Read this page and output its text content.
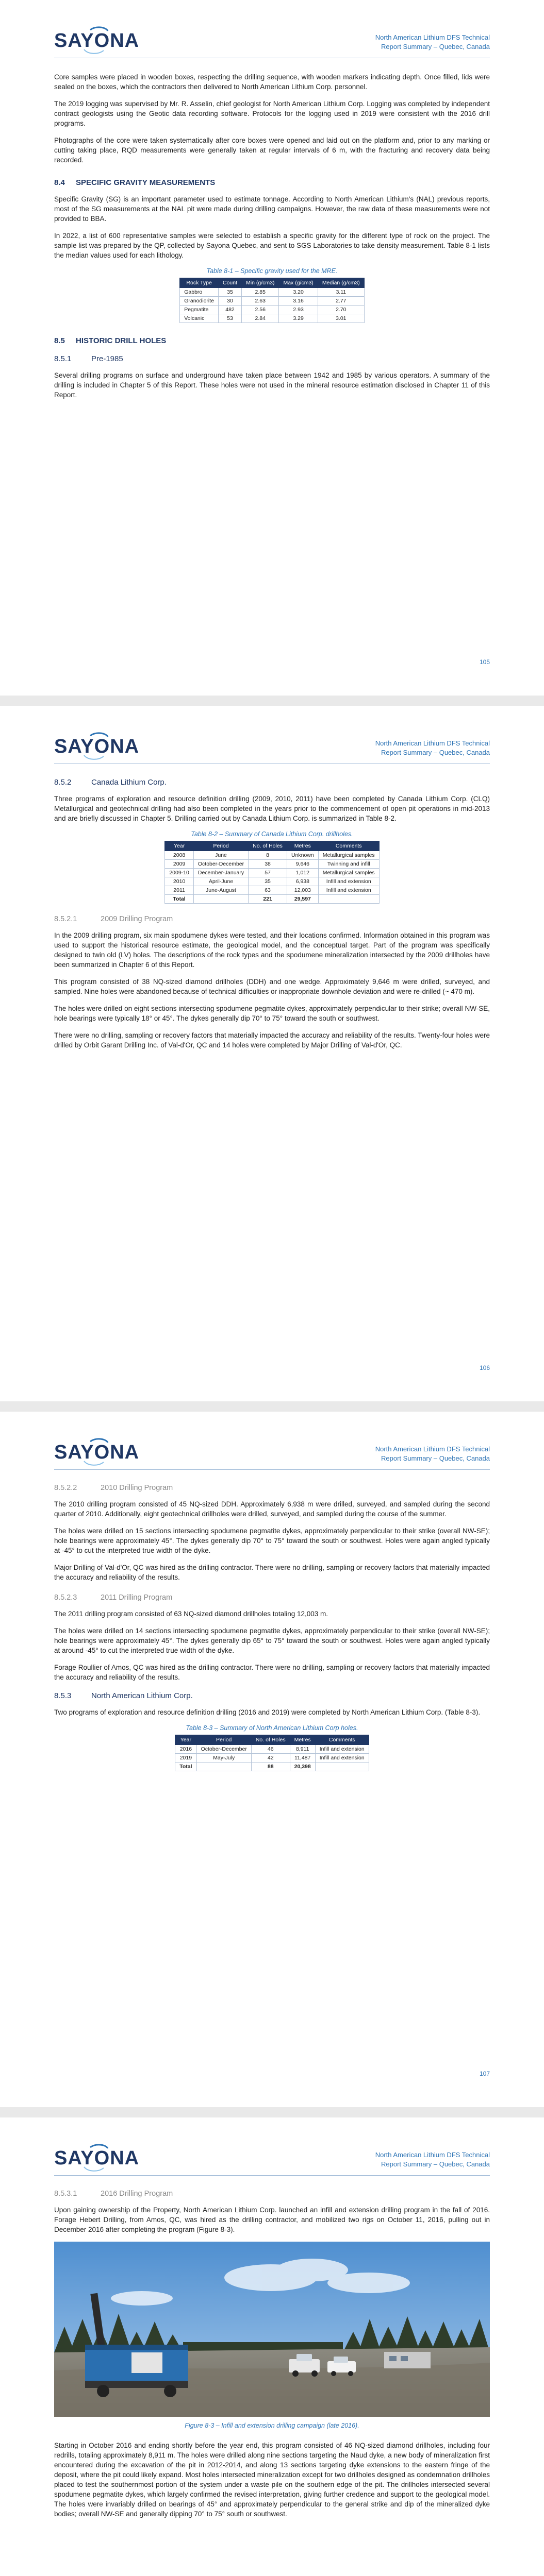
SAYONA	North American Lithium DFS Technical
Report Summary – Quebec, Canada

Core samples were placed in wooden boxes, respecting the drilling sequence, with wooden markers indicating depth. Once filled, lids were sealed on the boxes, which the contractors then delivered to North American Lithium Corp. personnel.

The 2019 logging was supervised by Mr. R. Asselin, chief geologist for North American Lithium Corp. Logging was completed by independent contract geologists using the Geotic data recording software. Protocols for the logging used in 2019 were consistent with the 2016 drill programs.

Photographs of the core were taken systematically after core boxes were opened and laid out on the platform and, prior to any marking or cutting taking place, RQD measurements were generally taken at regular intervals of 6 m, with the fracturing and recovery data being recorded.

8.4 SPECIFIC GRAVITY MEASUREMENTS

Specific Gravity (SG) is an important parameter used to estimate tonnage. According to North American Lithium's (NAL) previous reports, most of the SG measurements at the NAL pit were made during drilling campaigns. However, the raw data of these measurements were not provided to BBA.

In 2022, a list of 600 representative samples were selected to establish a specific gravity for the different type of rock on the project. The sample list was prepared by the QP, collected by Sayona Quebec, and sent to SGS Laboratories to take density measurement. Table 8-1 lists the median values used for each lithology.

Table 8-1 – Specific gravity used for the MRE.
Rock Type	Count	Min (g/cm3)	Max (g/cm3)	Median (g/cm3)
Gabbro	35	2.85	3.20	3.11
Granodiorite	30	2.63	3.16	2.77
Pegmatite	482	2.56	2.93	2.70
Volcanic	53	2.84	3.29	3.01
8.5 HISTORIC DRILL HOLES
8.5.1	Pre-1985

Several drilling programs on surface and underground have taken place between 1942 and 1985 by various operators. A summary of the drilling is included in Chapter 5 of this Report. These holes were not used in the mineral resource estimation disclosed in Chapter 11 of this Report.

105
SAYONA	North American Lithium DFS Technical
Report Summary – Quebec, Canada
8.5.2	Canada Lithium Corp.

Three programs of exploration and resource definition drilling (2009, 2010, 2011) have been completed by Canada Lithium Corp. (CLQ) Metallurgical and geotechnical drilling had also been completed in the years prior to the commencement of open pit operations in mid-2013 and are briefly discussed in Chapter 5. Drilling carried out by Canada Lithium Corp. is summarized in Table 8-2.

Table 8-2 – Summary of Canada Lithium Corp. drillholes.
Year	Period	No. of Holes	Metres	Comments
2008	June	8	Unknown	Metallurgical samples
2009	October-December	38	9,646	Twinning and infill
2009-10	December-January	57	1,012	Metallurgical samples
2010	April-June	35	6,938	Infill and extension
2011	June-August	63	12,003	Infill and extension
Total		221	29,597	
8.5.2.1	2009 Drilling Program

In the 2009 drilling program, six main spodumene dykes were tested, and their locations confirmed. Information obtained in this program was used to support the historical resource estimate, the geological model, and the conceptual target. Part of the program was specifically designed to twin old (LV) holes. The descriptions of the rock types and the spodumene mineralization intersected by the 2009 drillholes have been summarized in Chapter 6 of this Report.

This program consisted of 38 NQ-sized diamond drillholes (DDH) and one wedge. Approximately 9,646 m were drilled, surveyed, and sampled. Nine holes were abandoned because of technical difficulties or inappropriate downhole deviation and were re-drilled (~ 470 m).

The holes were drilled on eight sections intersecting spodumene pegmatite dykes, approximately perpendicular to their strike; overall NW-SE, hole bearings were typically 18° or 45°. The dykes generally dip 70° to 75° toward the south or southwest.

There were no drilling, sampling or recovery factors that materially impacted the accuracy and reliability of the results. Twenty-four holes were drilled by Orbit Garant Drilling Inc. of Val-d'Or, QC and 14 holes were completed by Major Drilling of Val-d'Or, QC.

106
SAYONA	North American Lithium DFS Technical
Report Summary – Quebec, Canada
8.5.2.2	2010 Drilling Program

The 2010 drilling program consisted of 45 NQ-sized DDH. Approximately 6,938 m were drilled, surveyed, and sampled during the second quarter of 2010. Additionally, eight geotechnical drillholes were drilled, surveyed, and sampled during the course of the summer.

The holes were drilled on 15 sections intersecting spodumene pegmatite dykes, approximately perpendicular to their strike (overall NW-SE); hole bearings were approximately 45°. The dykes generally dip 70° to 75° toward the south or southwest. Holes were again angled typically at -45° to cut the interpreted true width of the dyke.

Major Drilling of Val-d'Or, QC was hired as the drilling contractor. There were no drilling, sampling or recovery factors that materially impacted the accuracy and reliability of the results.

8.5.2.3	2011 Drilling Program

The 2011 drilling program consisted of 63 NQ-sized diamond drillholes totaling 12,003 m.

The holes were drilled on 14 sections intersecting spodumene pegmatite dykes, approximately perpendicular to their strike (overall NW-SE); hole bearings were approximately 45°. The dykes generally dip 65° to 75° toward the south or southwest. Holes were again angled typically at around -45° to cut the interpreted true width of the dyke.

Forage Roullier of Amos, QC was hired as the drilling contractor. There were no drilling, sampling or recovery factors that materially impacted the accuracy and reliability of the results.

8.5.3	North American Lithium Corp.

Two programs of exploration and resource definition drilling (2016 and 2019) were completed by North American Lithium Corp. (Table 8-3).

Table 8-3 – Summary of North American Lithium Corp holes.
Year	Period	No. of Holes	Metres	Comments
2016	October-December	46	8,911	Infill and extension
2019	May-July	42	11,487	Infill and extension
Total		88	20,398	
107
SAYONA	North American Lithium DFS Technical
Report Summary – Quebec, Canada
8.5.3.1	2016 Drilling Program

Upon gaining ownership of the Property, North American Lithium Corp. launched an infill and extension drilling program in the fall of 2016. Forage Hebert Drilling, from Amos, QC, was hired as the drilling contractor, and mobilized two rigs on October 11, 2016, pulling out in December 2016 after completing the program (Figure 8-3).

Figure 8-3 – Infill and extension drilling campaign (late 2016).

Starting in October 2016 and ending shortly before the year end, this program consisted of 46 NQ-sized diamond drillholes, including four redrills, totaling approximately 8,911 m. The holes were drilled along nine sections targeting the Naud dyke, a new body of mineralization first encountered during the excavation of the pit in 2012-2014, and along 13 sections targeting dyke extensions to the eastern fringe of the deposit, where the pit could likely expand. Most holes intersected mineralization except for two drillholes designed as condemnation drillholes placed to test the southernmost portion of the system under a waste pile on the southern edge of the pit. The drillholes intersected several spodumene pegmatite dykes, which largely confirmed the revised interpretation, giving further credence and support to the geological model. The holes were invariably drilled on bearings of 45° and approximately perpendicular to the general strike and dip of the mineralized dyke bodies; overall NW-SE and generally dipping 70° to 75° south or southwest.
